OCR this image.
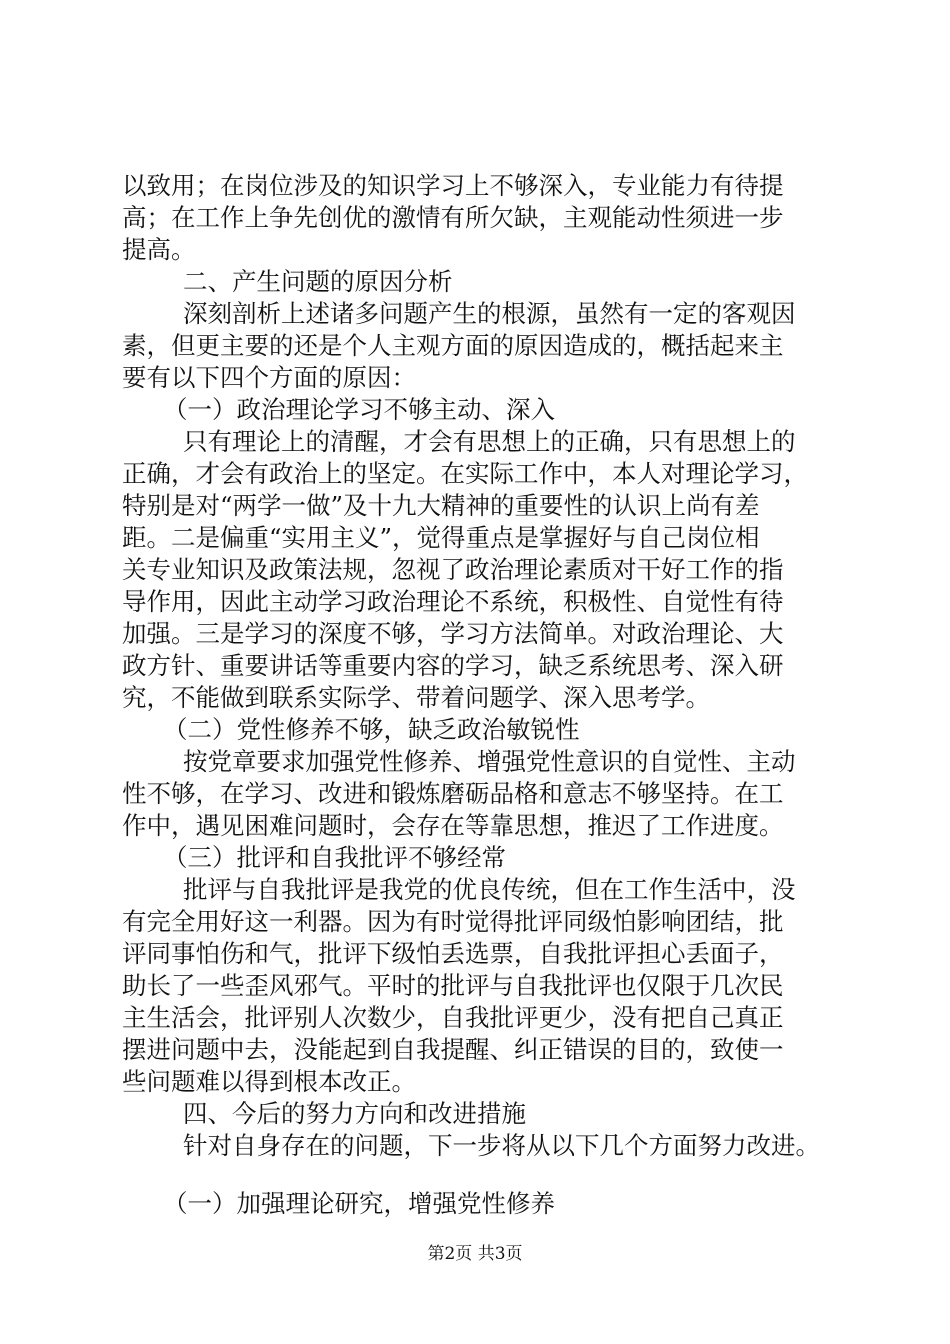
以致用；在岗位涉及的知识学习上不够深入，专业能力有待提
高；在工作上争先创优的激情有所欠缺，主观能动性须进一步
提高。
二、产生问题的原因分析
深刻剖析上述诸多问题产生的根源，虽然有一定的客观因
素，但更主要的还是个人主观方面的原因造成的，概括起来主
要有以下四个方面的原因：
（一）政治理论学习不够主动、深入
只有理论上的清醒，才会有思想上的正确，只有思想上的
正确，才会有政治上的坚定。在实际工作中，本人对理论学习，
特别是对“两学一做”及十九大精神的重要性的认识上尚有差
距。二是偏重“实用主义”，觉得重点是掌握好与自己岗位相
关专业知识及政策法规，忽视了政治理论素质对干好工作的指
导作用，因此主动学习政治理论不系统，积极性、自觉性有待
加强。三是学习的深度不够，学习方法简单。对政治理论、大
政方针、重要讲话等重要内容的学习，缺乏系统思考、深入研
究，不能做到联系实际学、带着问题学、深入思考学。
（二）党性修养不够，缺乏政治敏锐性
按党章要求加强党性修养、增强党性意识的自觉性、主动
性不够，在学习、改进和锻炼磨砺品格和意志不够坚持。在工
作中，遇见困难问题时，会存在等靠思想，推迟了工作进度。
（三）批评和自我批评不够经常
批评与自我批评是我党的优良传统，但在工作生活中，没
有完全用好这一利器。因为有时觉得批评同级怕影响团结，批
评同事怕伤和气，批评下级怕丢选票，自我批评担心丢面子，
助长了一些歪风邪气。平时的批评与自我批评也仅限于几次民
主生活会，批评别人次数少，自我批评更少，没有把自己真正
摆进问题中去，没能起到自我提醒、纠正错误的目的，致使一
些问题难以得到根本改正。
四、今后的努力方向和改进措施
针对自身存在的问题，下一步将从以下几个方面努力改进。
（一）加强理论研究，增强党性修养
第2页 共3页
